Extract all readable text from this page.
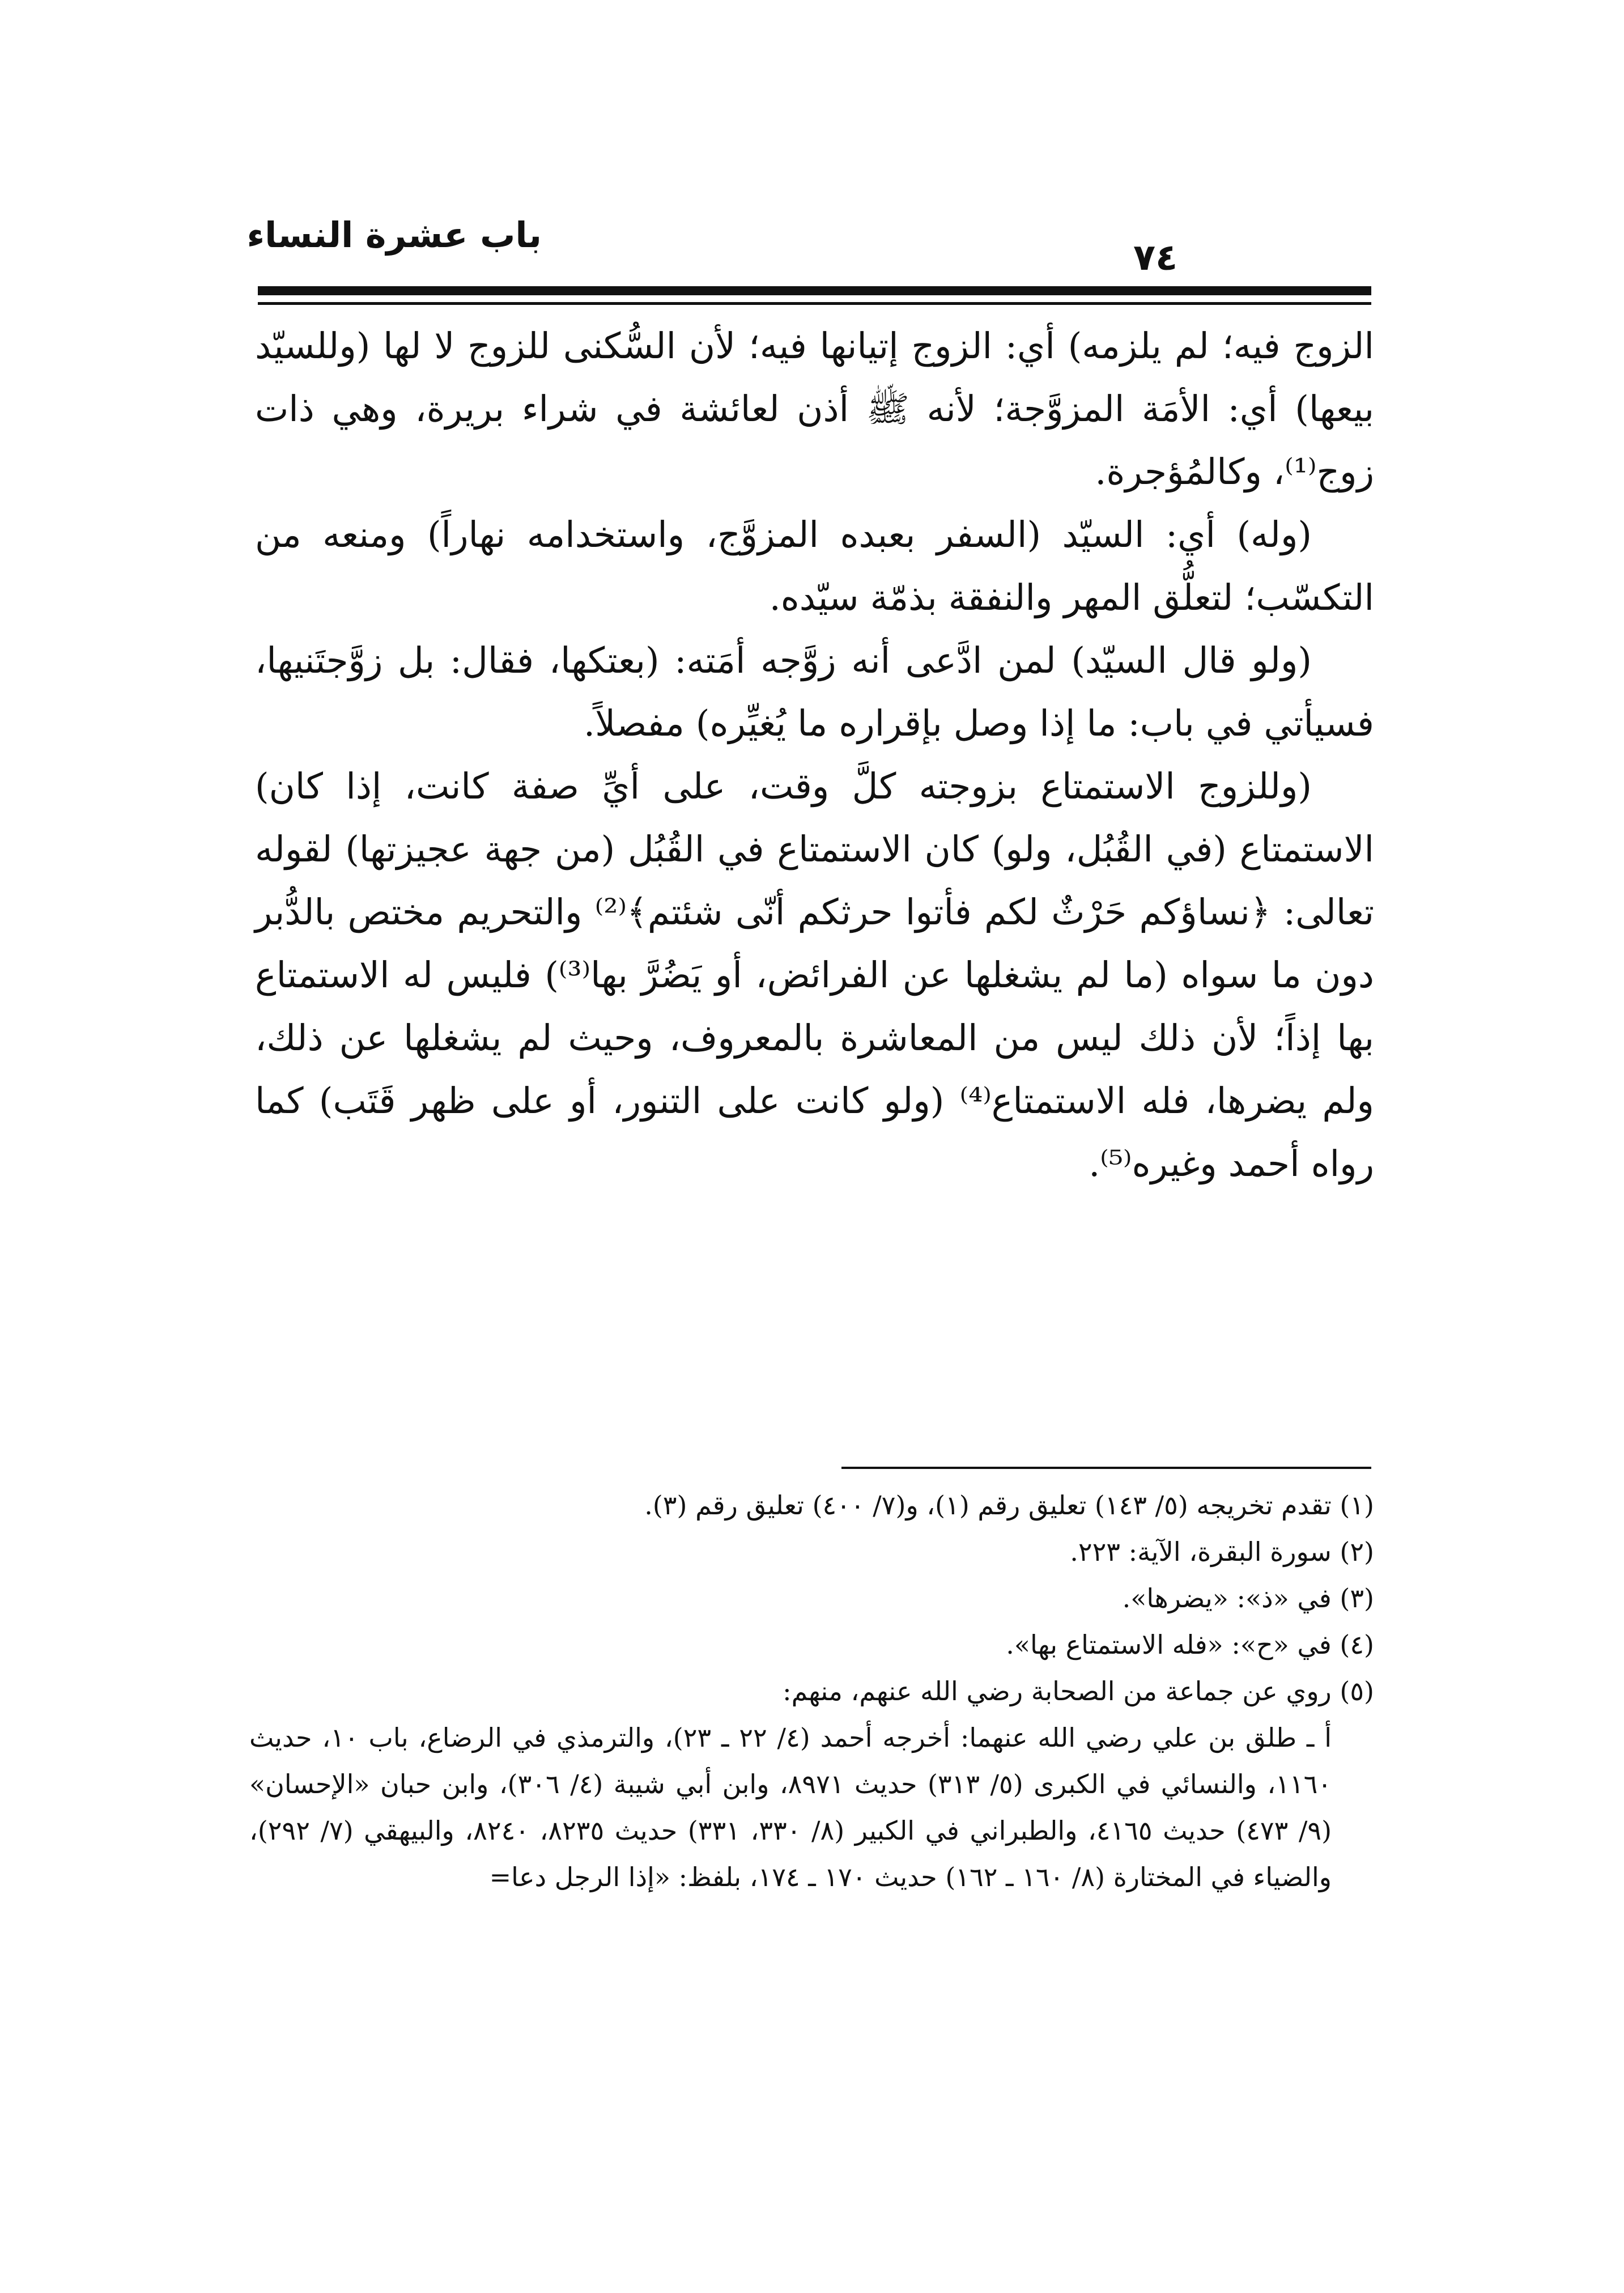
باب عشرة النساء
٧٤

الزوج فيه؛ لم يلزمه) أي: الزوج إتيانها فيه؛ لأن السُّكنى للزوج لا لها (وللسيّد بيعها) أي: الأمَة المزوَّجة؛ لأنه ﷺ أذن لعائشة في شراء بريرة، وهي ذات زوج⁽¹⁾، وكالمُؤجرة.

(وله) أي: السيّد (السفر بعبده المزوَّج، واستخدامه نهاراً) ومنعه من التكسّب؛ لتعلُّق المهر والنفقة بذمّة سيّده.

(ولو قال السيّد) لمن ادَّعى أنه زوَّجه أمَته: (بعتكها، فقال: بل زوَّجتَنيها، فسيأتي في باب: ما إذا وصل بإقراره ما يُغيِّره) مفصلاً.

(وللزوج الاستمتاع بزوجته كلَّ وقت، على أيِّ صفة كانت، إذا كان) الاستمتاع (في القُبُل، ولو) كان الاستمتاع في القُبُل (من جهة عجيزتها) لقوله تعالى: ﴿نساؤكم حَرْثٌ لكم فأتوا حرثكم أنّى شئتم﴾⁽²⁾ والتحريم مختص بالدُّبر دون ما سواه (ما لم يشغلها عن الفرائض، أو يَضُرَّ بها⁽³⁾) فليس له الاستمتاع بها إذاً؛ لأن ذلك ليس من المعاشرة بالمعروف، وحيث لم يشغلها عن ذلك، ولم يضرها، فله الاستمتاع⁽⁴⁾ (ولو كانت على التنور، أو على ظهر قَتَب) كما رواه أحمد وغيره⁽⁵⁾.

(١) تقدم تخريجه (٥/ ١٤٣) تعليق رقم (١)، و(٧/ ٤٠٠) تعليق رقم (٣).

(٢) سورة البقرة، الآية: ٢٢٣.

(٣) في «ذ»: «يضرها».

(٤) في «ح»: «فله الاستمتاع بها».

(٥) روي عن جماعة من الصحابة رضي الله عنهم، منهم:

أ ـ طلق بن علي رضي الله عنهما: أخرجه أحمد (٤/ ٢٢ ـ ٢٣)، والترمذي في الرضاع، باب ١٠، حديث ١١٦٠، والنسائي في الكبرى (٥/ ٣١٣) حديث ٨٩٧١، وابن أبي شيبة (٤/ ٣٠٦)، وابن حبان «الإحسان» (٩/ ٤٧٣) حديث ٤١٦٥، والطبراني في الكبير (٨/ ٣٣٠، ٣٣١) حديث ٨٢٣٥، ٨٢٤٠، والبيهقي (٧/ ٢٩٢)، والضياء في المختارة (٨/ ١٦٠ ـ ١٦٢) حديث ١٧٠ ـ ١٧٤، بلفظ: «إذا الرجل دعا=
